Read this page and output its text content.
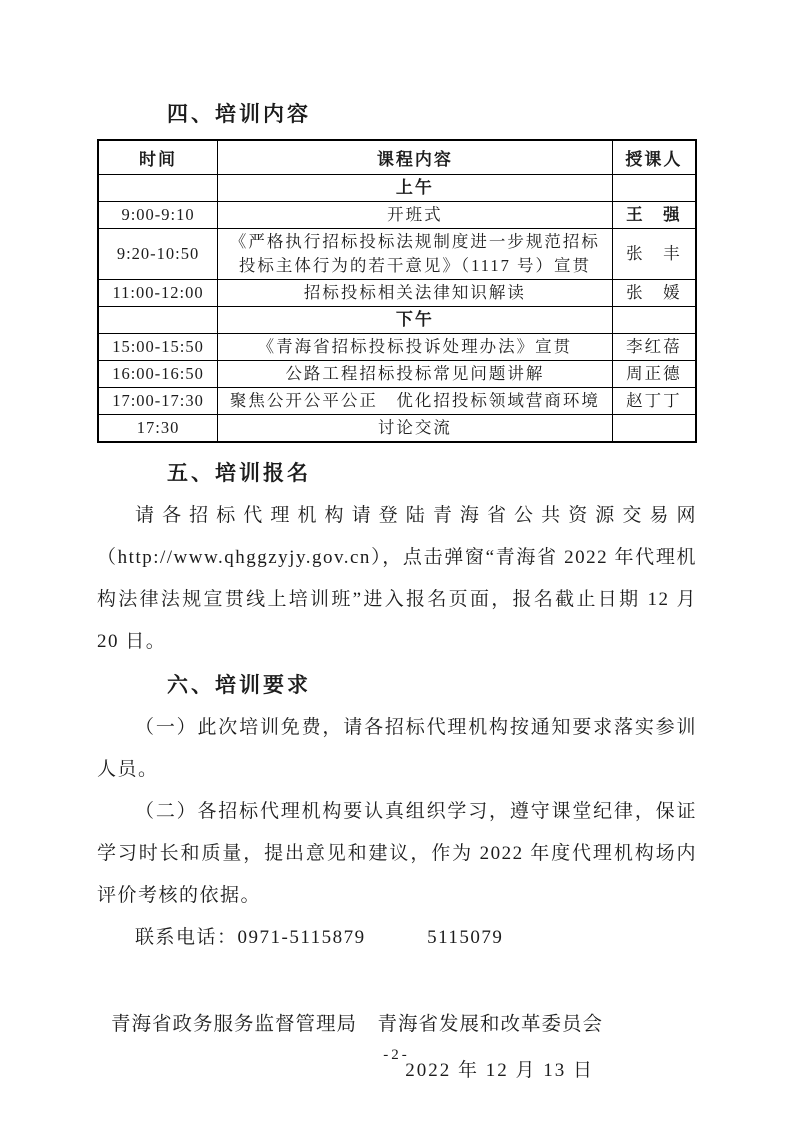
四、培训内容
时间	课程内容	授课人
	上午	
9:00-9:10	开班式	王　强
9:20-10:50	《严格执行招标投标法规制度进一步规范招标投标主体行为的若干意见》（1117 号）宣贯	张　丰
11:00-12:00	招标投标相关法律知识解读	张　媛
	下午	
15:00-15:50	《青海省招标投标投诉处理办法》宣贯	李红蓓
16:00-16:50	公路工程招标投标常见问题讲解	周正德
17:00-17:30	聚焦公开公平公正　优化招投标领域营商环境	赵丁丁
17:30	讨论交流	
五、培训报名

请各招标代理机构请登陆青海省公共资源交易网（http://www.qhggzyjy.gov.cn），点击弹窗“青海省 2022 年代理机构法律法规宣贯线上培训班”进入报名页面，报名截止日期 12 月 20 日。

六、培训要求

（一）此次培训免费，请各招标代理机构按通知要求落实参训人员。

（二）各招标代理机构要认真组织学习，遵守课堂纪律，保证学习时长和质量，提出意见和建议，作为 2022 年度代理机构场内评价考核的依据。

联系电话：0971-5115879　　　5115079

青海省政务服务监督管理局　青海省发展和改革委员会
2022 年 12 月 13 日
-2-
